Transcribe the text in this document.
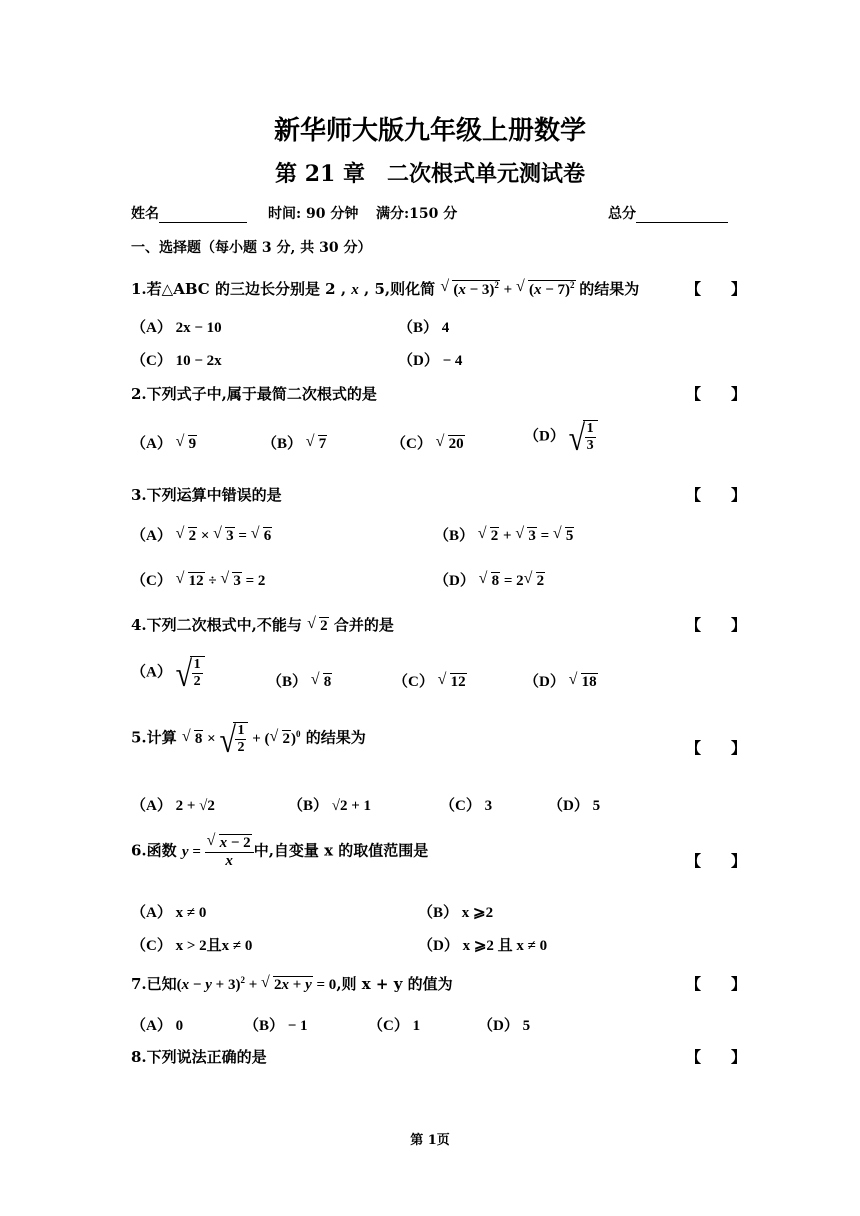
新华师大版九年级上册数学
第 21 章　二次根式单元测试卷
姓名	时间: 90 分钟 满分:150 分	总分
一、选择题（每小题 3 分, 共 30 分）
1.若△ABC 的三边长分别是 2 , x , 5,则化简 √ $(x - 3)^2$ + √ $(x - 7)^2$ 的结果为	【　　】
（A） 2x − 10	（B） 4
（C） 10 − 2x	（D） − 4
2.下列式子中,属于最简二次根式的是	【　　】
（A） √ 9	（B） √ 7	（C） √ 20	（D） √ $\frac{1}{3}$
3.下列运算中错误的是	【　　】
（A） √ 2 × √ 3 = √ 6	（B） √ 2 + √ 3 = √ 5
（C） √ 12 ÷ √ 3 = 2	（D） √ 8 = 2 √ 2
4.下列二次根式中,不能与 √ 2 合并的是	【　　】
（A） √ $\frac{1}{2}$	（B） √ 8	（C） √ 12	（D） √ 18
5.计算 √ 8 × √ $\frac{1}{2}$ + ( √ 2)$^0$ 的结果为
【　　】
（A） 2 + √2	（B） √2 + 1	（C） 3	（D） 5
6.函数 y = √ $\frac{x - 2}{x}$ 中,自变量 x 的取值范围是
【　　】
（A） x ≠ 0	（B） x ⩾2
（C） x > 2且x ≠ 0	（D） x ⩾2 且 x ≠ 0
7.已知$(x - y + 3)^2$ + √ 2x + y = 0,则 x + y 的值为	【　　】
（A） 0	（B） − 1	（C） 1	（D） 5
8.下列说法正确的是	【　　】
第 1页
